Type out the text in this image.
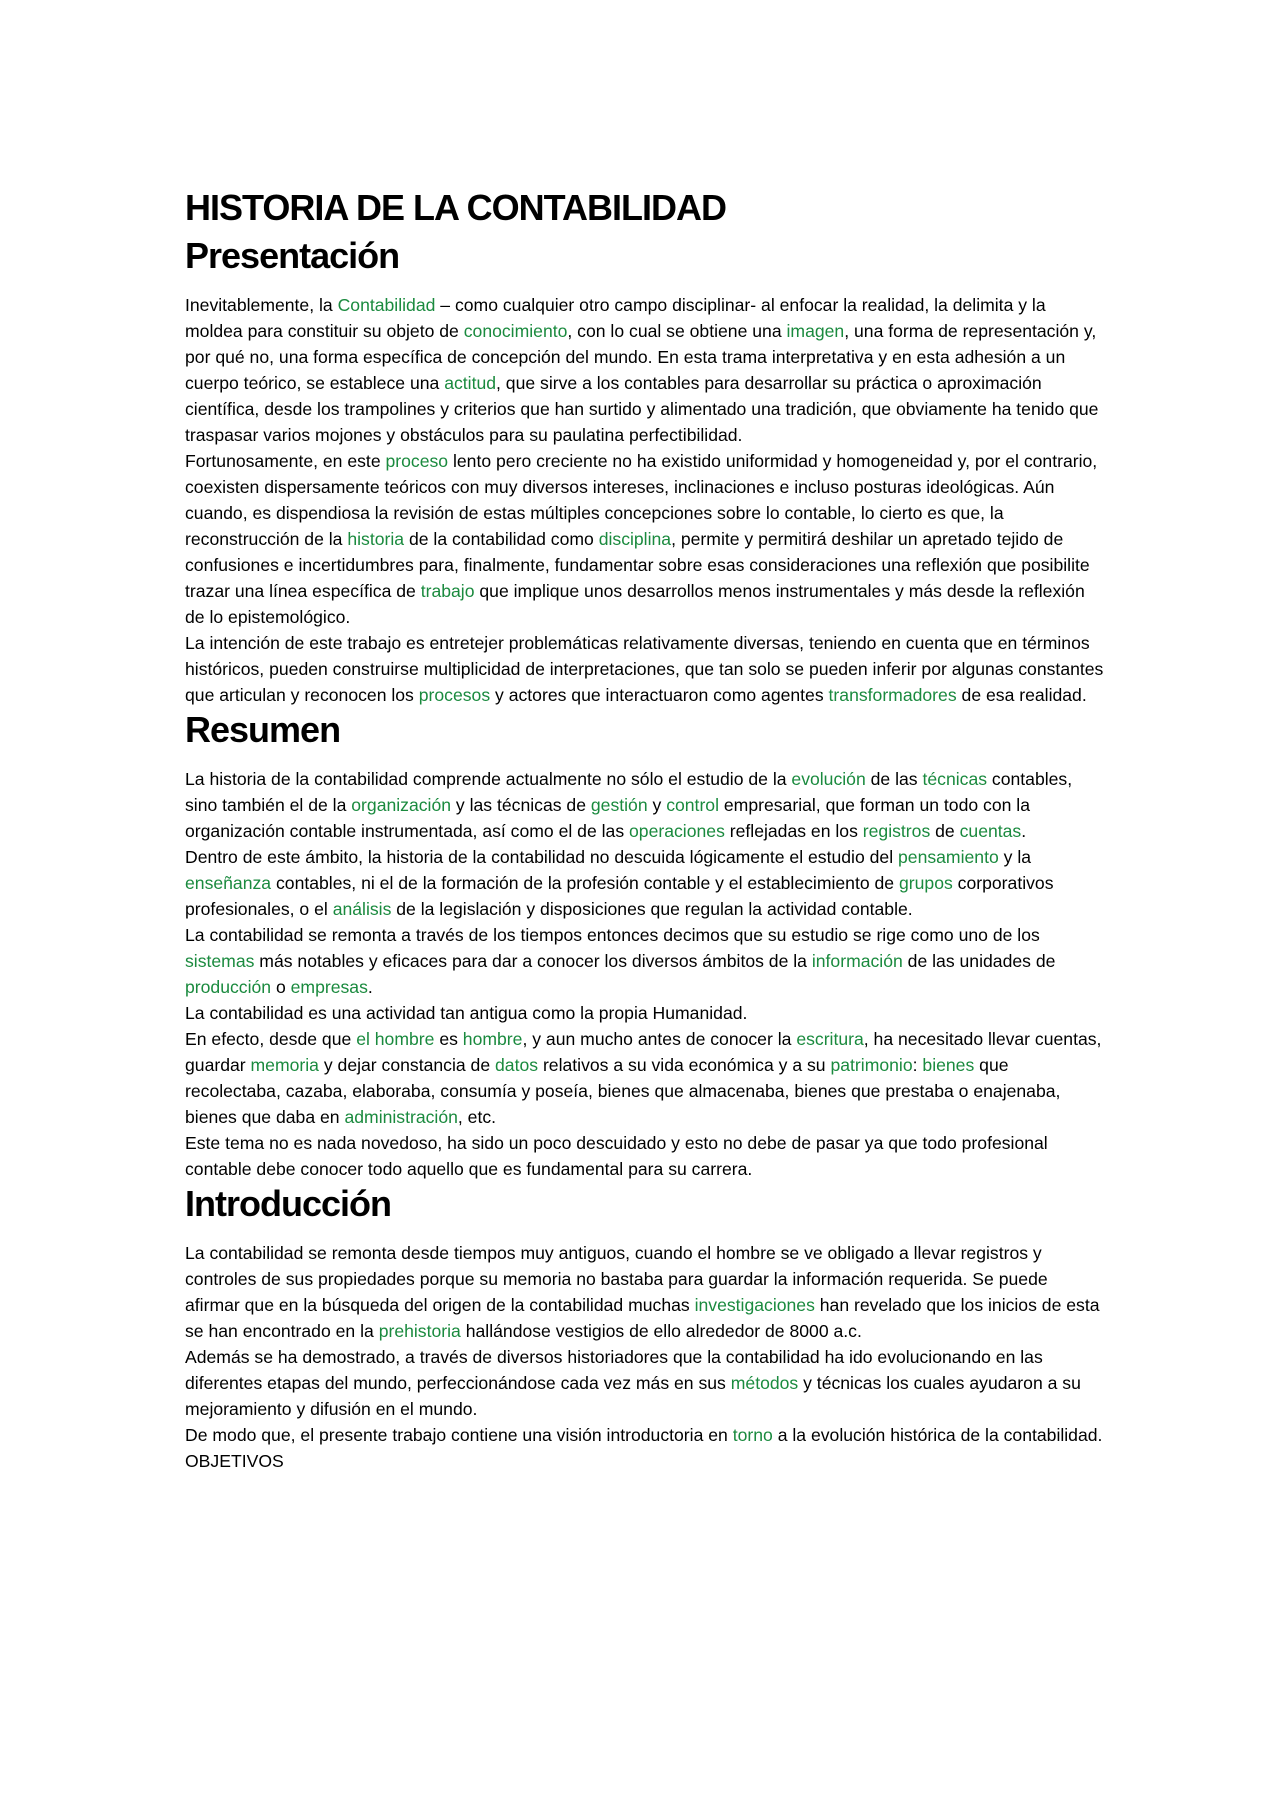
HISTORIA DE LA CONTABILIDAD
Presentación

Inevitablemente, la Contabilidad – como cualquier otro campo disciplinar- al enfocar la realidad, la delimita y la moldea para constituir su objeto de conocimiento, con lo cual se obtiene una imagen, una forma de representación y, por qué no, una forma específica de concepción del mundo. En esta trama interpretativa y en esta adhesión a un cuerpo teórico, se establece una actitud, que sirve a los contables para desarrollar su práctica o aproximación científica, desde los trampolines y criterios que han surtido y alimentado una tradición, que obviamente ha tenido que traspasar varios mojones y obstáculos para su paulatina perfectibilidad.

Fortunosamente, en este proceso lento pero creciente no ha existido uniformidad y homogeneidad y, por el contrario, coexisten dispersamente teóricos con muy diversos intereses, inclinaciones e incluso posturas ideológicas. Aún cuando, es dispendiosa la revisión de estas múltiples concepciones sobre lo contable, lo cierto es que, la reconstrucción de la historia de la contabilidad como disciplina, permite y permitirá deshilar un apretado tejido de confusiones e incertidumbres para, finalmente, fundamentar sobre esas consideraciones una reflexión que posibilite trazar una línea específica de trabajo que implique unos desarrollos menos instrumentales y más desde la reflexión de lo epistemológico.

La intención de este trabajo es entretejer problemáticas relativamente diversas, teniendo en cuenta que en términos históricos, pueden construirse multiplicidad de interpretaciones, que tan solo se pueden inferir por algunas constantes que articulan y reconocen los procesos y actores que interactuaron como agentes transformadores de esa realidad.

Resumen

La historia de la contabilidad comprende actualmente no sólo el estudio de la evolución de las técnicas contables, sino también el de la organización y las técnicas de gestión y control empresarial, que forman un todo con la organización contable instrumentada, así como el de las operaciones reflejadas en los registros de cuentas.

Dentro de este ámbito, la historia de la contabilidad no descuida lógicamente el estudio del pensamiento y la enseñanza contables, ni el de la formación de la profesión contable y el establecimiento de grupos corporativos profesionales, o el análisis de la legislación y disposiciones que regulan la actividad contable.

La contabilidad se remonta a través de los tiempos entonces decimos que su estudio se rige como uno de los sistemas más notables y eficaces para dar a conocer los diversos ámbitos de la información de las unidades de producción o empresas.

La contabilidad es una actividad tan antigua como la propia Humanidad.

En efecto, desde que el hombre es hombre, y aun mucho antes de conocer la escritura, ha necesitado llevar cuentas, guardar memoria y dejar constancia de datos relativos a su vida económica y a su patrimonio: bienes que recolectaba, cazaba, elaboraba, consumía y poseía, bienes que almacenaba, bienes que prestaba o enajenaba, bienes que daba en administración, etc.

Este tema no es nada novedoso, ha sido un poco descuidado y esto no debe de pasar ya que todo profesional contable debe conocer todo aquello que es fundamental para su carrera.

Introducción

La contabilidad se remonta desde tiempos muy antiguos, cuando el hombre se ve obligado a llevar registros y controles de sus propiedades porque su memoria no bastaba para guardar la información requerida. Se puede afirmar que en la búsqueda del origen de la contabilidad muchas investigaciones han revelado que los inicios de esta se han encontrado en la prehistoria hallándose vestigios de ello alrededor de 8000 a.c.

Además se ha demostrado, a través de diversos historiadores que la contabilidad ha ido evolucionando en las diferentes etapas del mundo, perfeccionándose cada vez más en sus métodos y técnicas los cuales ayudaron a su mejoramiento y difusión en el mundo.

De modo que, el presente trabajo contiene una visión introductoria en torno a la evolución histórica de la contabilidad.

OBJETIVOS
